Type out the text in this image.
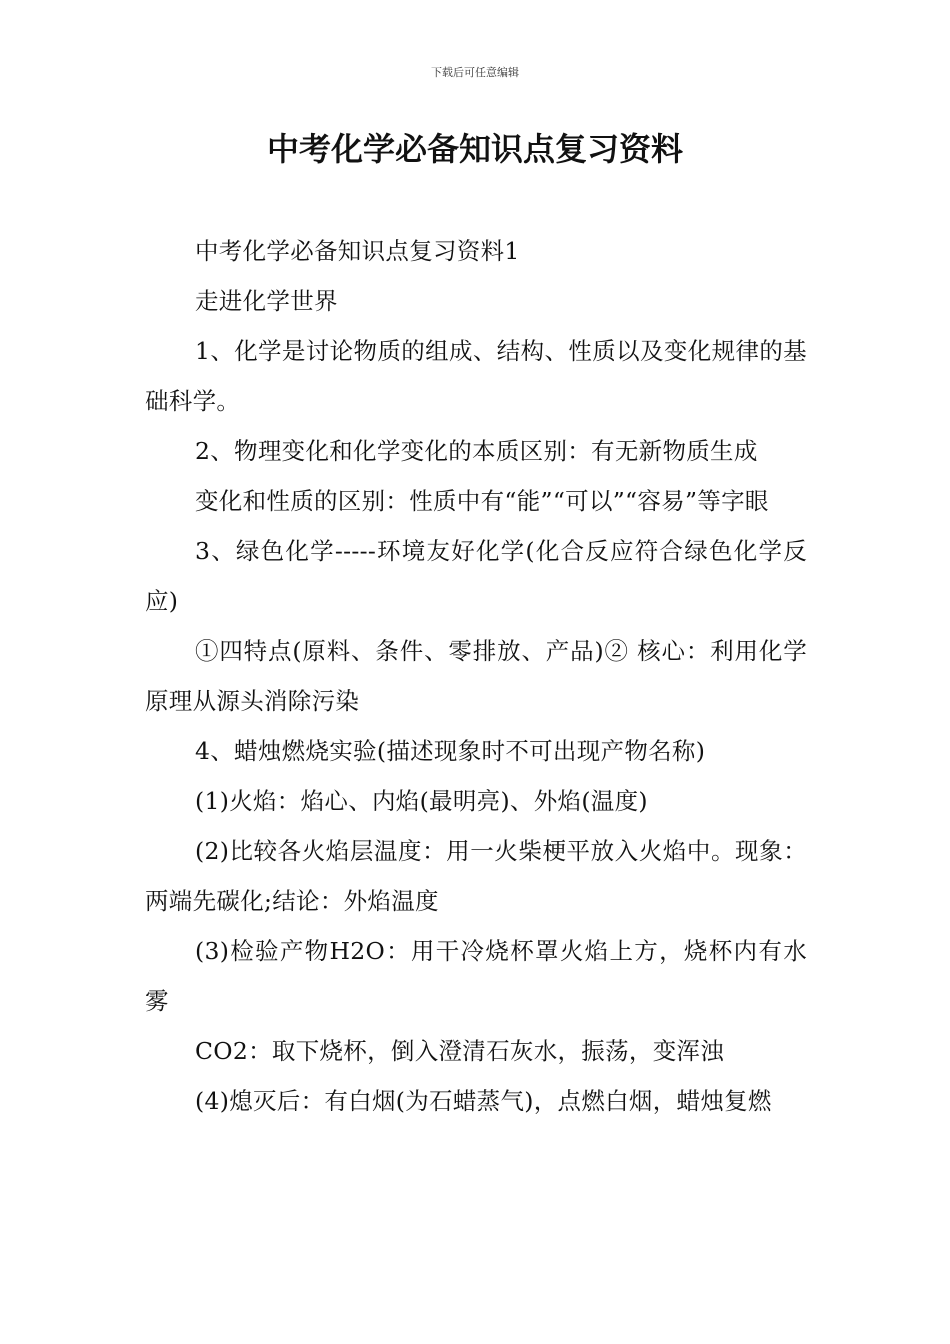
下载后可任意编辑
中考化学必备知识点复习资料

中考化学必备知识点复习资料1

走进化学世界

1、化学是讨论物质的组成、结构、性质以及变化规律的基础科学。

2、物理变化和化学变化的本质区别：有无新物质生成

变化和性质的区别：性质中有“能”“可以”“容易”等字眼

3、绿色化学-----环境友好化学(化合反应符合绿色化学反应)

①四特点(原料、条件、零排放、产品)② 核心：利用化学原理从源头消除污染

4、蜡烛燃烧实验(描述现象时不可出现产物名称)

(1)火焰：焰心、内焰(最明亮)、外焰(温度)

(2)比较各火焰层温度：用一火柴梗平放入火焰中。现象：两端先碳化;结论：外焰温度

(3)检验产物H2O：用干冷烧杯罩火焰上方，烧杯内有水雾

CO2：取下烧杯，倒入澄清石灰水，振荡，变浑浊

(4)熄灭后：有白烟(为石蜡蒸气)，点燃白烟，蜡烛复燃
